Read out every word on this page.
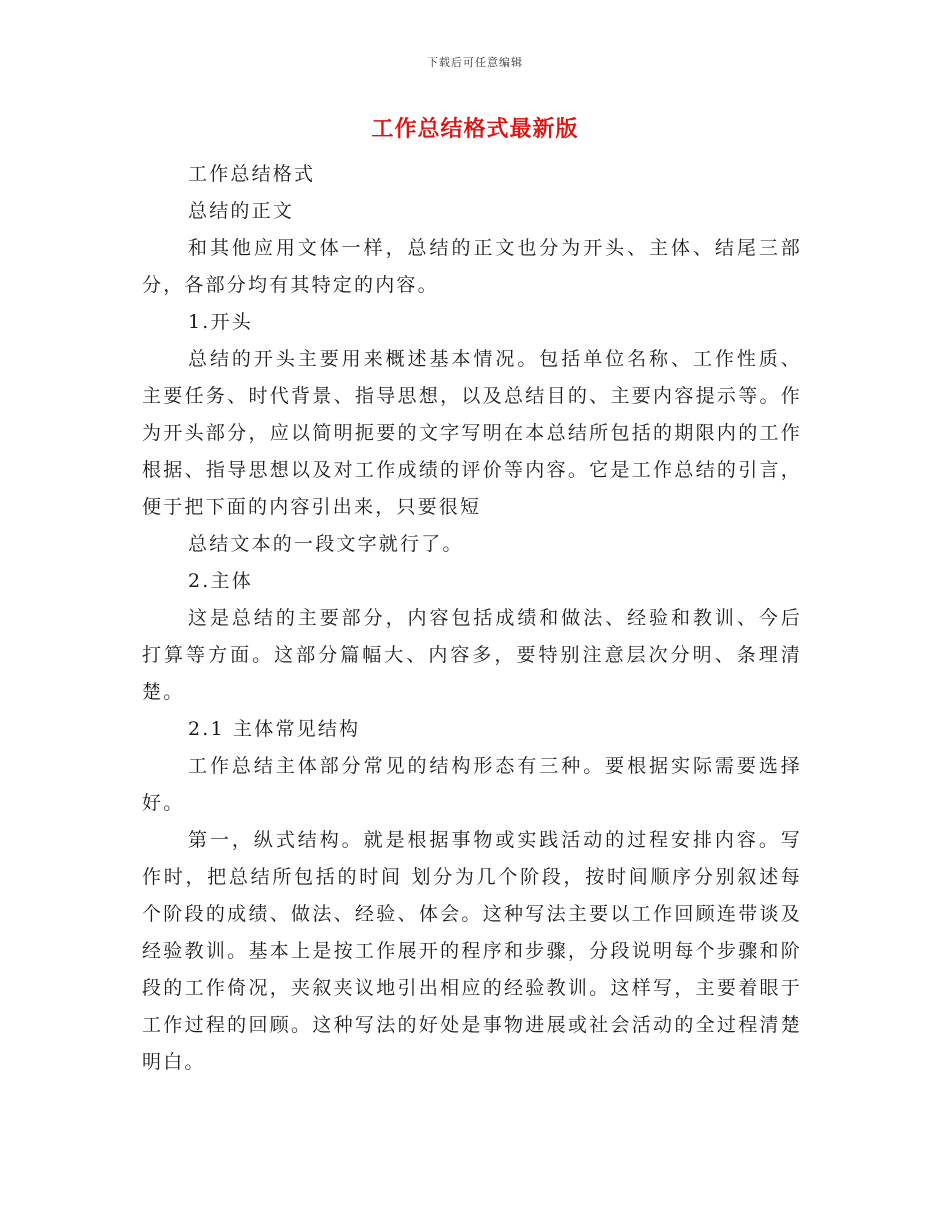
下载后可任意编辑
工作总结格式最新版

工作总结格式

总结的正文

和其他应用文体一样，总结的正文也分为开头、主体、结尾三部分，各部分均有其特定的内容。

1.开头

总结的开头主要用来概述基本情况。包括单位名称、工作性质、主要任务、时代背景、指导思想，以及总结目的、主要内容提示等。作为开头部分，应以简明扼要的文字写明在本总结所包括的期限内的工作根据、指导思想以及对工作成绩的评价等内容。它是工作总结的引言，便于把下面的内容引出来，只要很短

总结文本的一段文字就行了。

2.主体

这是总结的主要部分，内容包括成绩和做法、经验和教训、今后打算等方面。这部分篇幅大、内容多，要特别注意层次分明、条理清楚。

2.1 主体常见结构

工作总结主体部分常见的结构形态有三种。要根据实际需要选择好。

第一，纵式结构。就是根据事物或实践活动的过程安排内容。写作时，把总结所包括的时间 划分为几个阶段，按时间顺序分别叙述每个阶段的成绩、做法、经验、体会。这种写法主要以工作回顾连带谈及经验教训。基本上是按工作展开的程序和步骤，分段说明每个步骤和阶段的工作倚况，夹叙夹议地引出相应的经验教训。这样写，主要着眼于工作过程的回顾。这种写法的好处是事物进展或社会活动的全过程清楚明白。
